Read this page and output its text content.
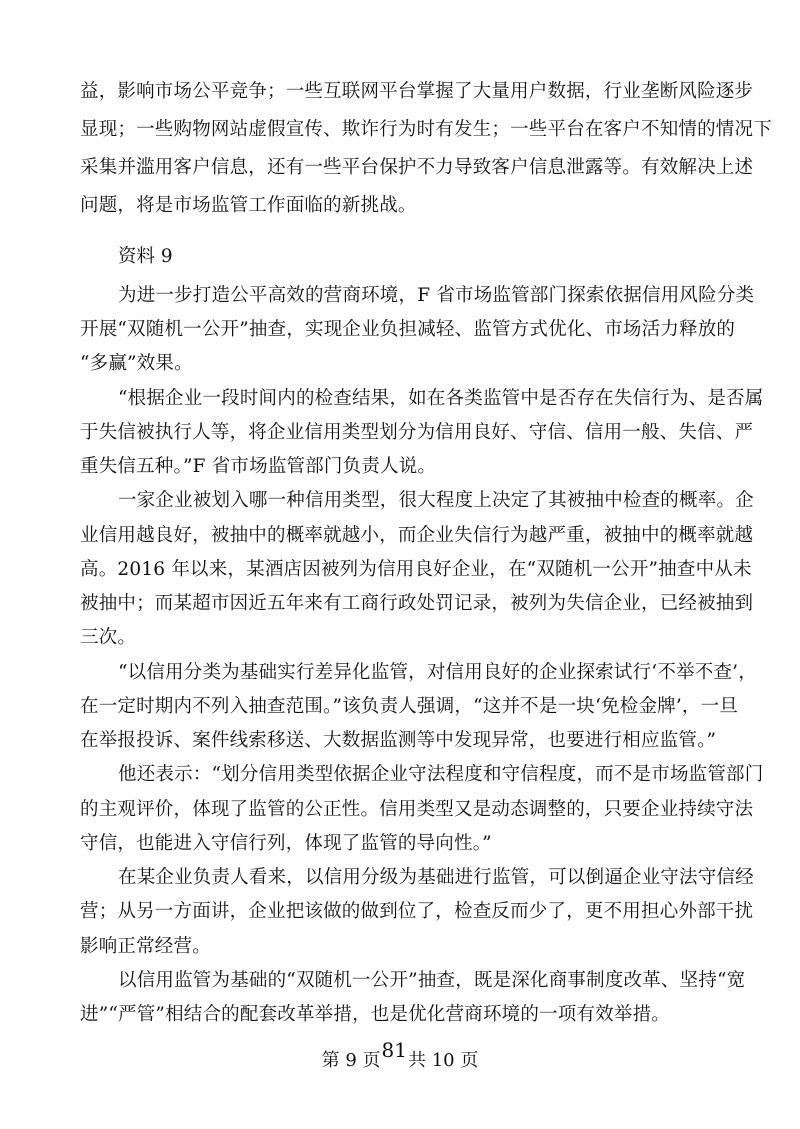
益，影响市场公平竞争；一些互联网平台掌握了大量用户数据，行业垄断风险逐步
显现；一些购物网站虚假宣传、欺诈行为时有发生；一些平台在客户不知情的情况下
采集并滥用客户信息，还有一些平台保护不力导致客户信息泄露等。有效解决上述
问题，将是市场监管工作面临的新挑战。
资料 9
为进一步打造公平高效的营商环境，F 省市场监管部门探索依据信用风险分类
开展“双随机一公开”抽查，实现企业负担减轻、监管方式优化、市场活力释放的
“多赢”效果。
“根据企业一段时间内的检查结果，如在各类监管中是否存在失信行为、是否属
于失信被执行人等，将企业信用类型划分为信用良好、守信、信用一般、失信、严
重失信五种。”F 省市场监管部门负责人说。
一家企业被划入哪一种信用类型，很大程度上决定了其被抽中检查的概率。企
业信用越良好，被抽中的概率就越小，而企业失信行为越严重，被抽中的概率就越
高。2016 年以来，某酒店因被列为信用良好企业，在“双随机一公开”抽查中从未
被抽中；而某超市因近五年来有工商行政处罚记录，被列为失信企业，已经被抽到
三次。
“以信用分类为基础实行差异化监管，对信用良好的企业探索试行‘不举不查’，
在一定时期内不列入抽查范围。”该负责人强调，“这并不是一块‘免检金牌’，一旦
在举报投诉、案件线索移送、大数据监测等中发现异常，也要进行相应监管。”
他还表示：“划分信用类型依据企业守法程度和守信程度，而不是市场监管部门
的主观评价，体现了监管的公正性。信用类型又是动态调整的，只要企业持续守法
守信，也能进入守信行列，体现了监管的导向性。”
在某企业负责人看来，以信用分级为基础进行监管，可以倒逼企业守法守信经
营；从另一方面讲，企业把该做的做到位了，检查反而少了，更不用担心外部干扰
影响正常经营。
以信用监管为基础的“双随机一公开”抽查，既是深化商事制度改革、坚持“宽
进”“严管”相结合的配套改革举措，也是优化营商环境的一项有效举措。
第 9 页81共 10 页
